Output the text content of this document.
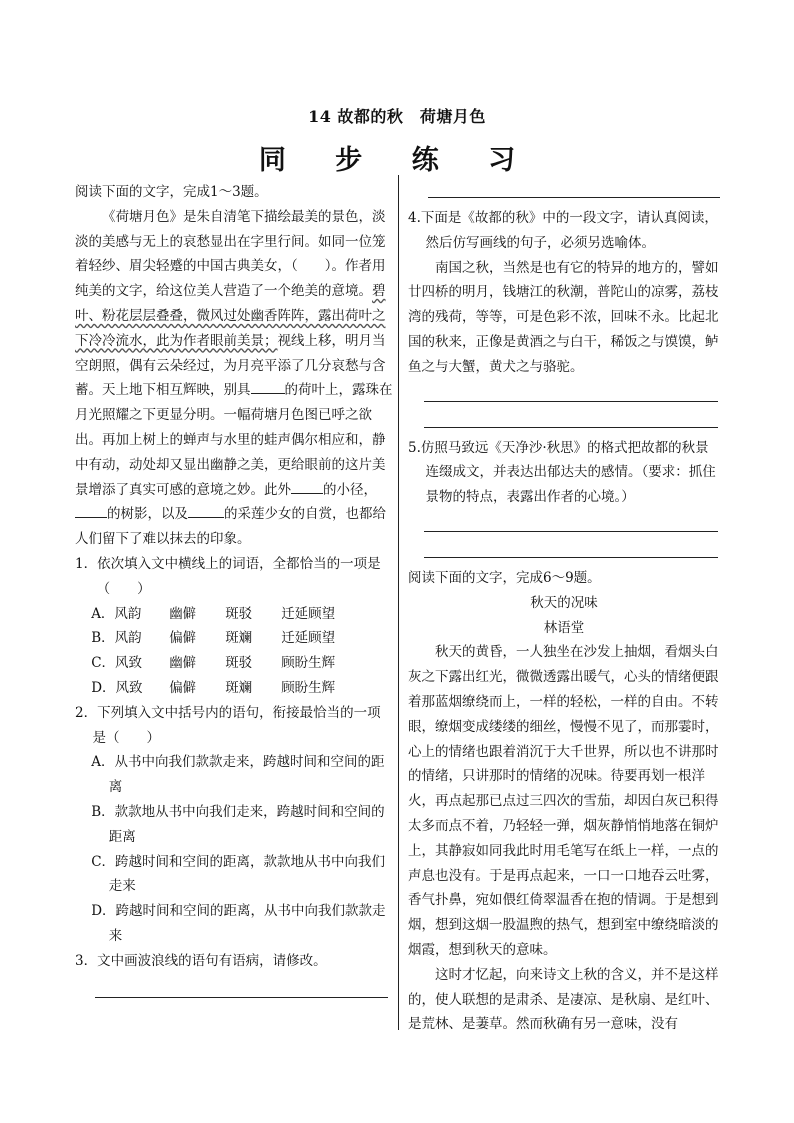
14 故都的秋　荷塘月色
同 步 练 习

阅读下面的文字，完成1～3题。

《荷塘月色》是朱自清笔下描绘最美的景色，淡淡的美感与无上的哀愁显出在字里行间。如同一位笼着轻纱、眉尖轻蹙的中国古典美女，（　　）。作者用纯美的文字，给这位美人营造了一个绝美的意境。碧叶、粉花层层叠叠，微风过处幽香阵阵，露出荷叶之下冷冷流水，此为作者眼前美景；视线上移，明月当空朗照，偶有云朵经过，为月亮平添了几分哀愁与含蓄。天上地下相互辉映，别具	的荷叶上，露珠在月光照耀之下更显分明。一幅荷塘月色图已呼之欲出。再加上树上的蝉声与水里的蛙声偶尔相应和，静中有动，动处却又显出幽静之美，更给眼前的这片美景增添了真实可感的意境之妙。此外 的小径，的树影，以及	的采莲少女的自赏，也都给人们留下了难以抹去的印象。

1．依次填入文中横线上的词语，全都恰当的一项是

（　　）

A．风韵	幽僻	斑驳	迁延顾望
B．风韵	偏僻	斑斓	迁延顾望
C．风致	幽僻	斑驳	顾盼生辉
D．风致	偏僻	斑斓	顾盼生辉

2．下列填入文中括号内的语句，衔接最恰当的一项是（　　）

A．从书中向我们款款走来，跨越时间和空间的距离

B．款款地从书中向我们走来，跨越时间和空间的距离

C．跨越时间和空间的距离，款款地从书中向我们走来

D．跨越时间和空间的距离，从书中向我们款款走来

3．文中画波浪线的语句有语病，请修改。

4.下面是《故都的秋》中的一段文字，请认真阅读，然后仿写画线的句子，必须另选喻体。

南国之秋，当然是也有它的特异的地方的，譬如廿四桥的明月，钱塘江的秋潮，普陀山的凉雾，荔枝湾的残荷，等等，可是色彩不浓，回味不永。比起北国的秋来，正像是黄酒之与白干，稀饭之与馍馍，鲈鱼之与大蟹，黄犬之与骆驼。

5.仿照马致远《天净沙·秋思》的格式把故都的秋景连缀成文，并表达出郁达夫的感情。（要求：抓住景物的特点，表露出作者的心境。）

阅读下面的文字，完成6～9题。

秋天的况味

林语堂

秋天的黄昏，一人独坐在沙发上抽烟，看烟头白灰之下露出红光，微微透露出暖气，心头的情绪便跟着那蓝烟缭绕而上，一样的轻松，一样的自由。不转眼，缭烟变成缕缕的细丝，慢慢不见了，而那霎时，心上的情绪也跟着消沉于大千世界，所以也不讲那时的情绪，只讲那时的情绪的况味。待要再划一根洋火，再点起那已点过三四次的雪茄，却因白灰已积得太多而点不着，乃轻轻一弹，烟灰静悄悄地落在铜炉上，其静寂如同我此时用毛笔写在纸上一样，一点的声息也没有。于是再点起来，一口一口地吞云吐雾，香气扑鼻，宛如偎红倚翠温香在抱的情调。于是想到烟，想到这烟一股温煦的热气，想到室中缭绕暗淡的烟霞，想到秋天的意味。

这时才忆起，向来诗文上秋的含义，并不是这样的，使人联想的是肃杀、是凄凉、是秋扇、是红叶、是荒林、是萋草。然而秋确有另一意味，没有
